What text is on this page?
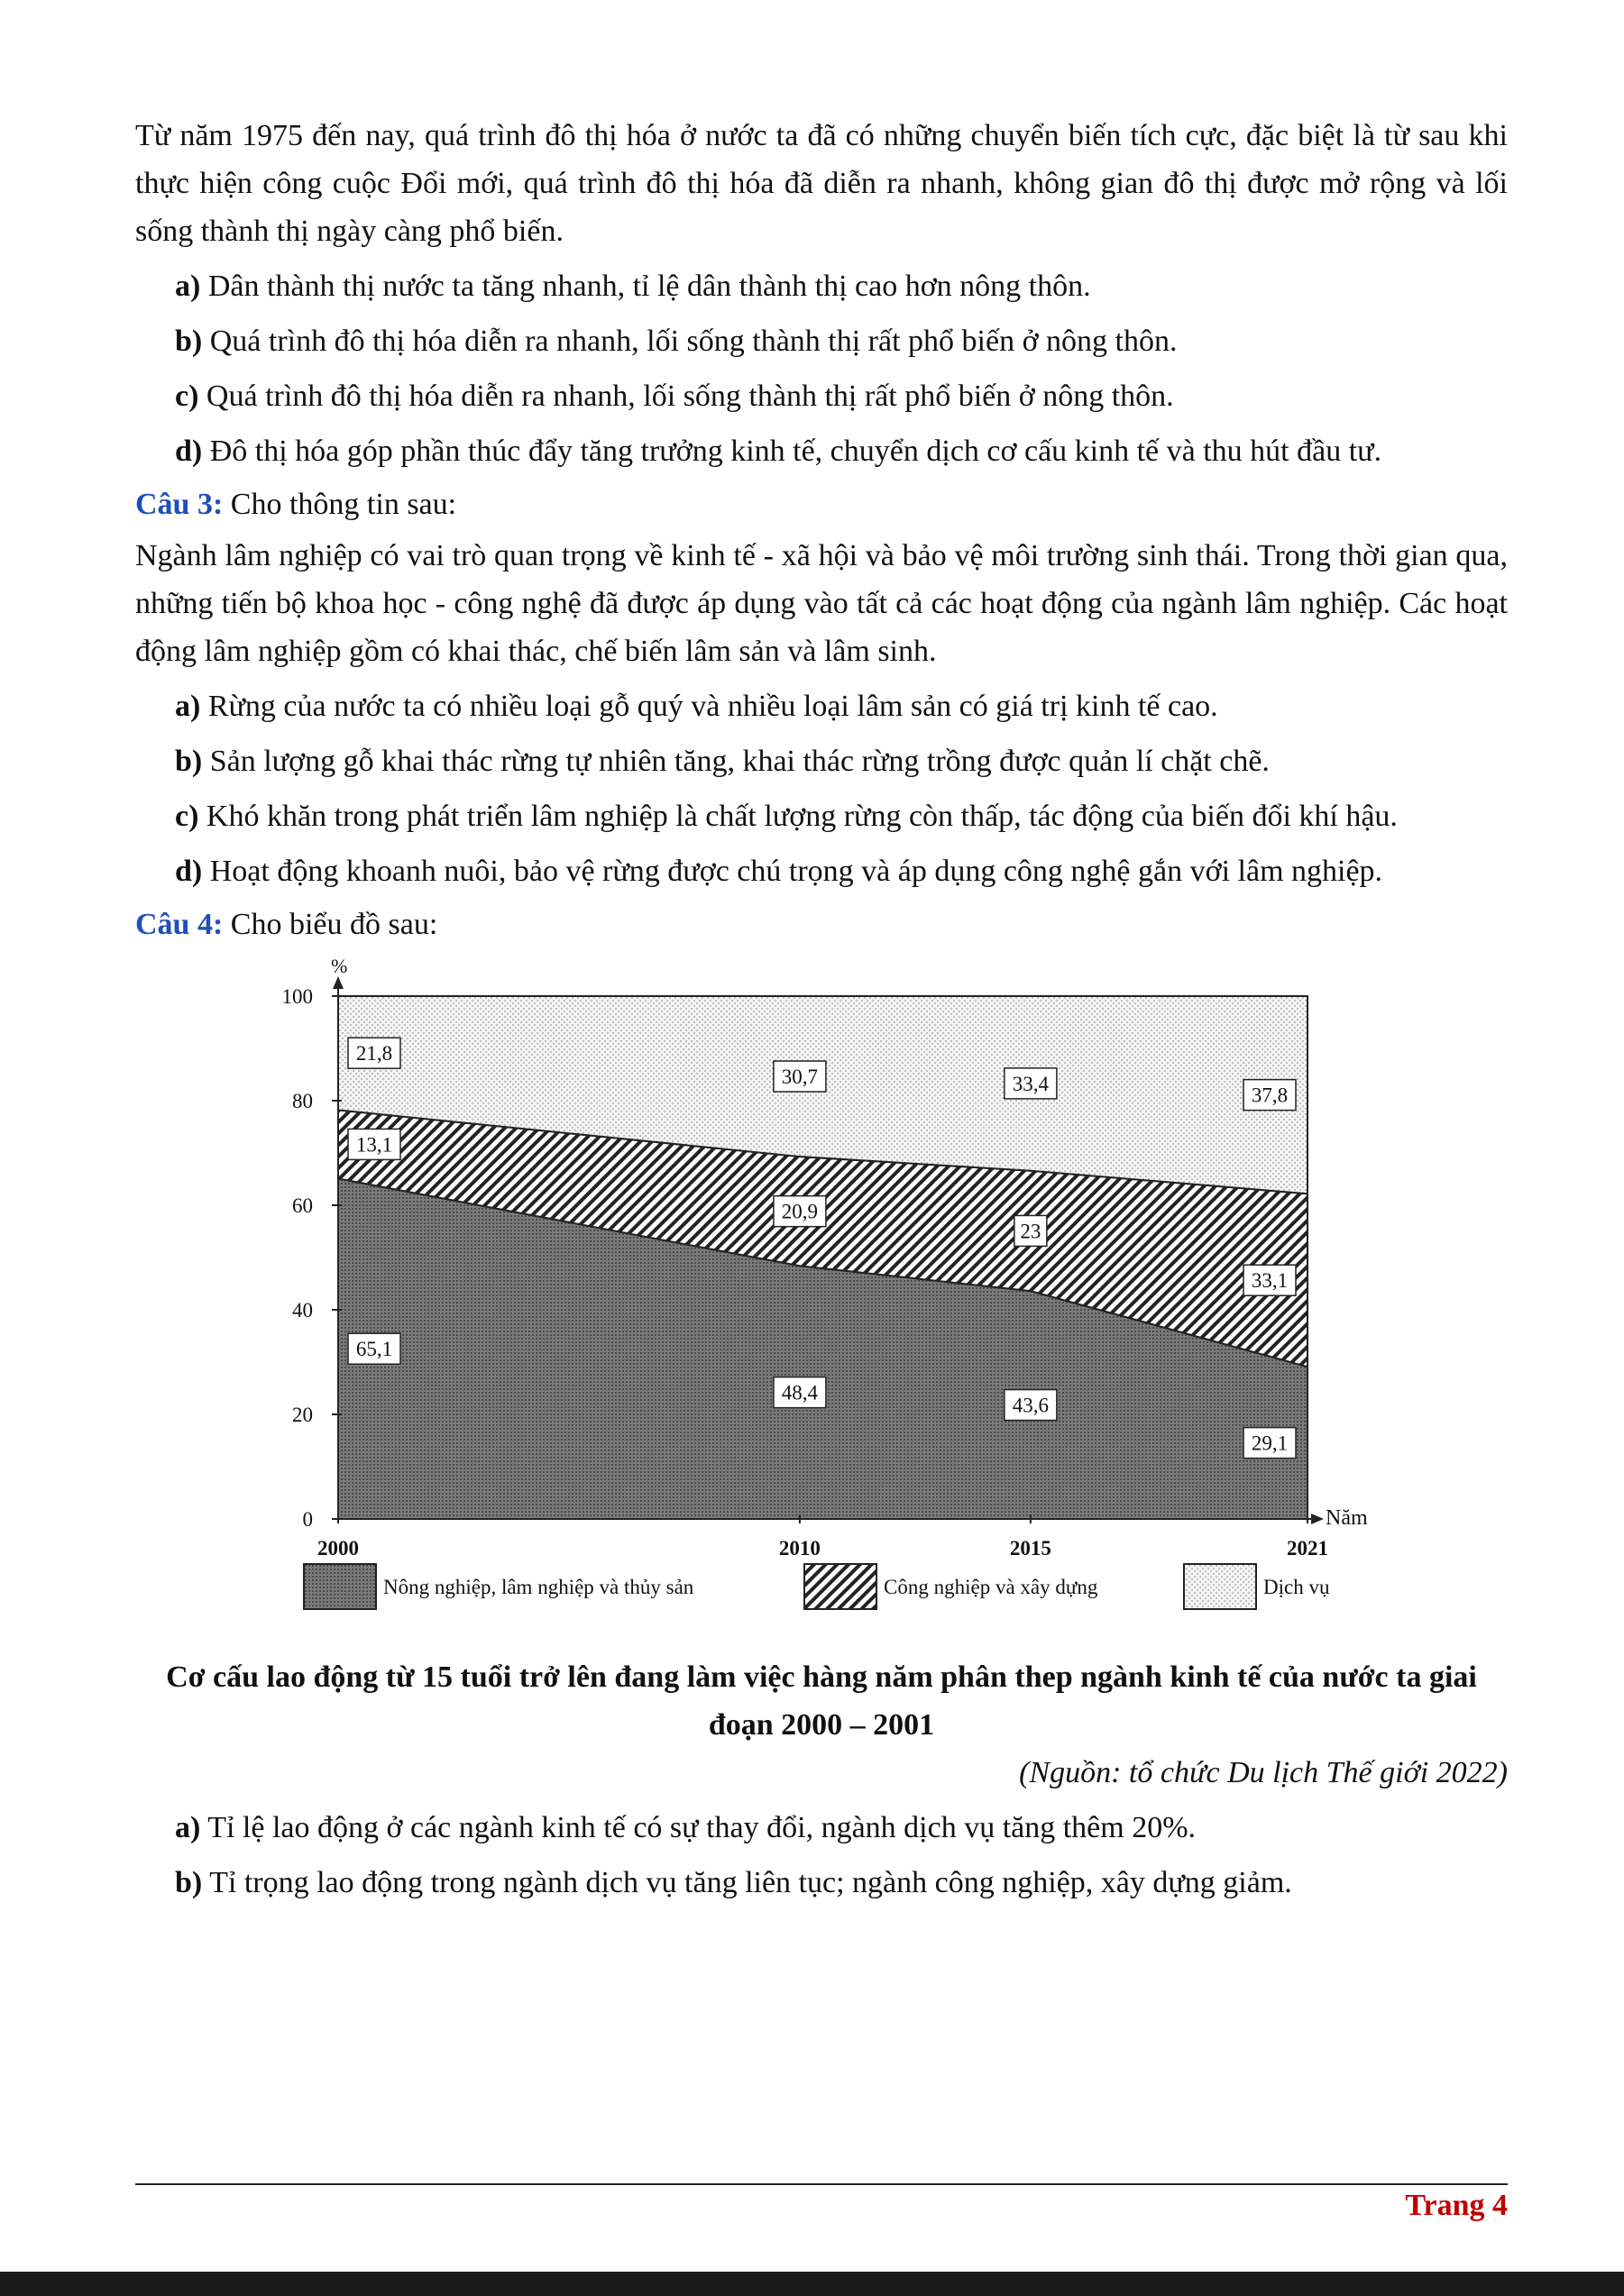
Từ năm 1975 đến nay, quá trình đô thị hóa ở nước ta đã có những chuyển biến tích cực, đặc biệt là từ sau khi thực hiện công cuộc Đổi mới, quá trình đô thị hóa đã diễn ra nhanh, không gian đô thị được mở rộng và lối sống thành thị ngày càng phổ biến.

a) Dân thành thị nước ta tăng nhanh, tỉ lệ dân thành thị cao hơn nông thôn.

b) Quá trình đô thị hóa diễn ra nhanh, lối sống thành thị rất phổ biến ở nông thôn.

c) Quá trình đô thị hóa diễn ra nhanh, lối sống thành thị rất phổ biến ở nông thôn.

d) Đô thị hóa góp phần thúc đẩy tăng trưởng kinh tế, chuyển dịch cơ cấu kinh tế và thu hút đầu tư.

Câu 3: Cho thông tin sau:

Ngành lâm nghiệp có vai trò quan trọng về kinh tế - xã hội và bảo vệ môi trường sinh thái. Trong thời gian qua, những tiến bộ khoa học - công nghệ đã được áp dụng vào tất cả các hoạt động của ngành lâm nghiệp. Các hoạt động lâm nghiệp gồm có khai thác, chế biến lâm sản và lâm sinh.

a) Rừng của nước ta có nhiều loại gỗ quý và nhiều loại lâm sản có giá trị kinh tế cao.

b) Sản lượng gỗ khai thác rừng tự nhiên tăng, khai thác rừng trồng được quản lí chặt chẽ.

c) Khó khăn trong phát triển lâm nghiệp là chất lượng rừng còn thấp, tác động của biến đổi khí hậu.

d) Hoạt động khoanh nuôi, bảo vệ rừng được chú trọng và áp dụng công nghệ gắn với lâm nghiệp.

Câu 4: Cho biểu đồ sau:

0
20
40
60
80
100
%
2000	2010	2015	2021
Năm
65,1
48,4
43,6
29,1
13,1
20,9
23
33,1
21,8
30,7	33,4
37,8
Nông nghiệp, lâm nghiệp và thủy sản	Công nghiệp và xây dựng	Dịch vụ

Cơ cấu lao động từ 15 tuổi trở lên đang làm việc hàng năm phân thep ngành kinh tế của nước ta giai đoạn 2000 – 2001

(Nguồn: tổ chức Du lịch Thế giới 2022)

a) Tỉ lệ lao động ở các ngành kinh tế có sự thay đổi, ngành dịch vụ tăng thêm 20%.

b) Tỉ trọng lao động trong ngành dịch vụ tăng liên tục; ngành công nghiệp, xây dựng giảm.

Trang 4
